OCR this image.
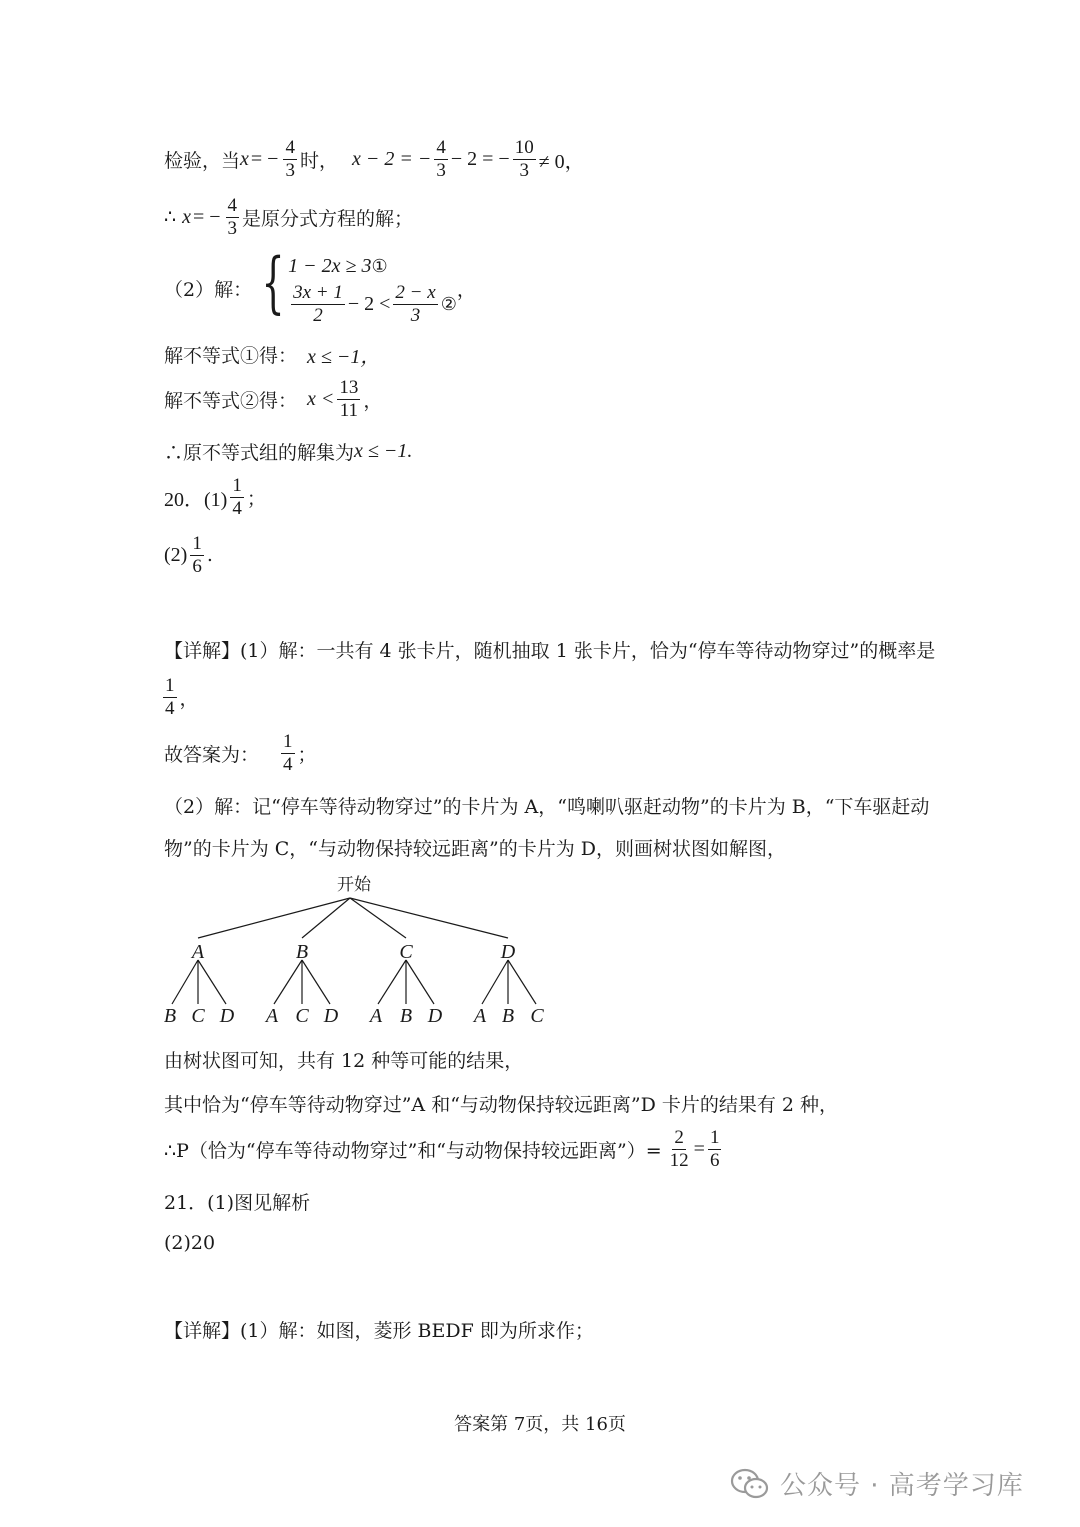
检验，当 x = − $\frac{4}{3}$ 时， x − 2 = − $\frac{4}{3} - 2$ = − $\frac{10}{3} \ne 0$，
∴ x = − $\frac{4}{3}$ 是原分式方程的解；
（2）解： { 1 − 2x ≥ 3 ①
$\frac{3x + 1}{2} - 2 < \frac{2 - x}{3}$ ②
，
解不等式①得： x ≤ −1，
解不等式②得： $x < \frac{13}{11}$ ，
∴原不等式组的解集为 x ≤ −1.
20．$(1) \frac{1}{4}$ ；
$(2) \frac{1}{6}$ .
【详解】(1）解：一共有 4 张卡片，随机抽取 1 张卡片，恰为“停车等待动物穿过”的概率是
$\frac{1}{4}$ ，
故答案为： $\frac{1}{4}$ ；
（2）解：记“停车等待动物穿过”的卡片为 A，“鸣喇叭驱赶动物”的卡片为 B，“下车驱赶动
物”的卡片为 C，“与动物保持较远距离”的卡片为 D，则画树状图如解图，
开始
A	B	C	D
B C D A C D A B D A B C
由树状图可知，共有 12 种等可能的结果，
其中恰为“停车等待动物穿过”A 和“与动物保持较远距离”D 卡片的结果有 2 种，
∴P（恰为“停车等待动物穿过”和“与动物保持较远距离”）= $\frac{2}{12} = \frac{1}{6}$
21．(1)图见解析
(2)20
【详解】(1）解：如图，菱形 BEDF 即为所求作；
答案第 7页，共 16页
公众号 · 高考学习库
